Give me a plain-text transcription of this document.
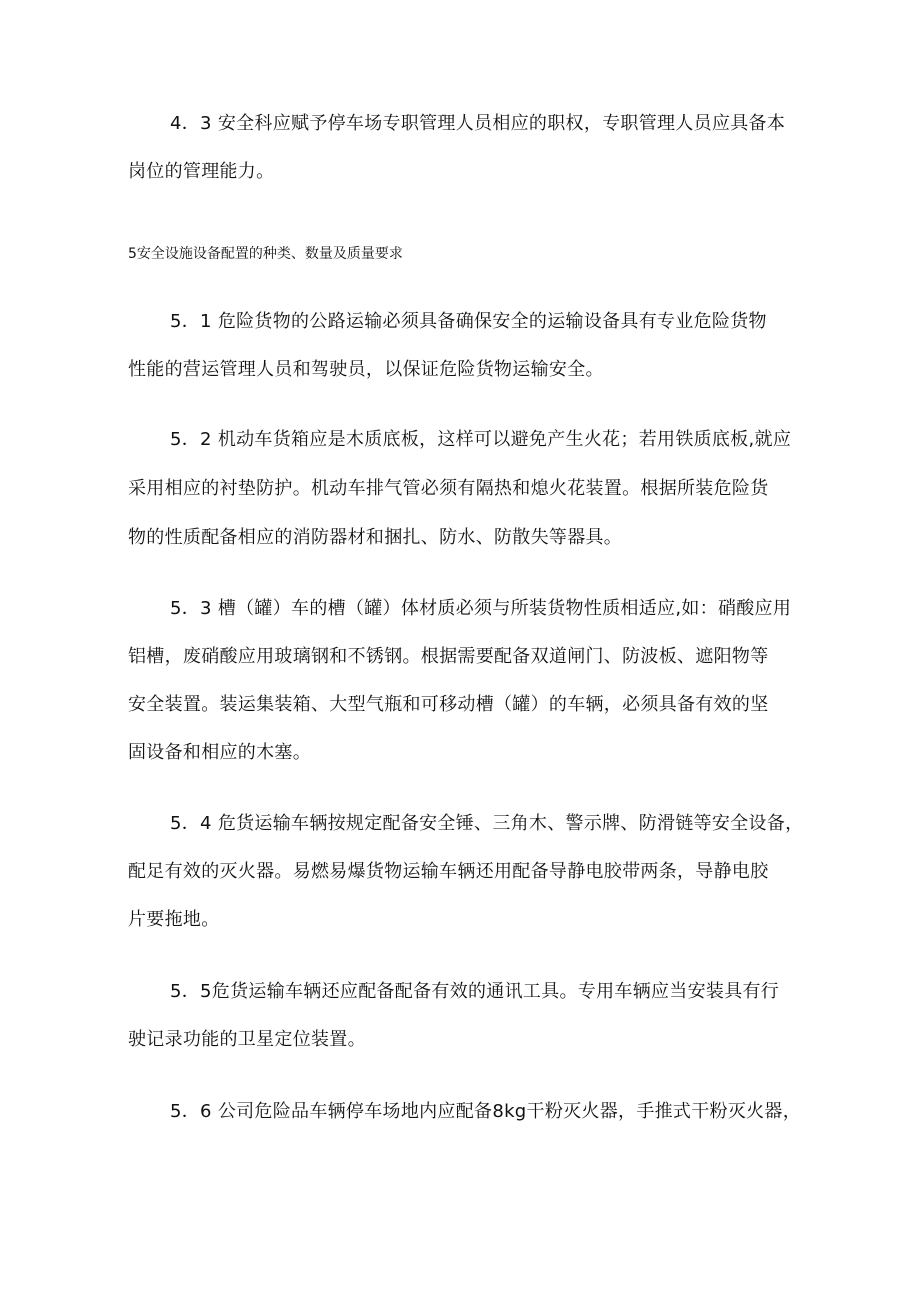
4．3 安全科应赋予停车场专职管理人员相应的职权，专职管理人员应具备本
岗位的管理能力。
5安全设施设备配置的种类、数量及质量要求
5．1 危险货物的公路运输必须具备确保安全的运输设备具有专业危险货物
性能的营运管理人员和驾驶员，以保证危险货物运输安全。
5．2 机动车货箱应是木质底板，这样可以避免产生火花；若用铁质底板,就应
采用相应的衬垫防护。机动车排气管必须有隔热和熄火花装置。根据所装危险货
物的性质配备相应的消防器材和捆扎、防水、防散失等器具。
5．3 槽（罐）车的槽（罐）体材质必须与所装货物性质相适应,如：硝酸应用
铝槽，废硝酸应用玻璃钢和不锈钢。根据需要配备双道闸门、防波板、遮阳物等
安全装置。装运集装箱、大型气瓶和可移动槽（罐）的车辆，必须具备有效的坚
固设备和相应的木塞。
5．4 危货运输车辆按规定配备安全锤、三角木、警示牌、防滑链等安全设备，
配足有效的灭火器。易燃易爆货物运输车辆还用配备导静电胶带两条，导静电胶
片要拖地。
5．5危货运输车辆还应配备配备有效的通讯工具。专用车辆应当安装具有行
驶记录功能的卫星定位装置。
5．6 公司危险品车辆停车场地内应配备8kg干粉灭火器，手推式干粉灭火器，
